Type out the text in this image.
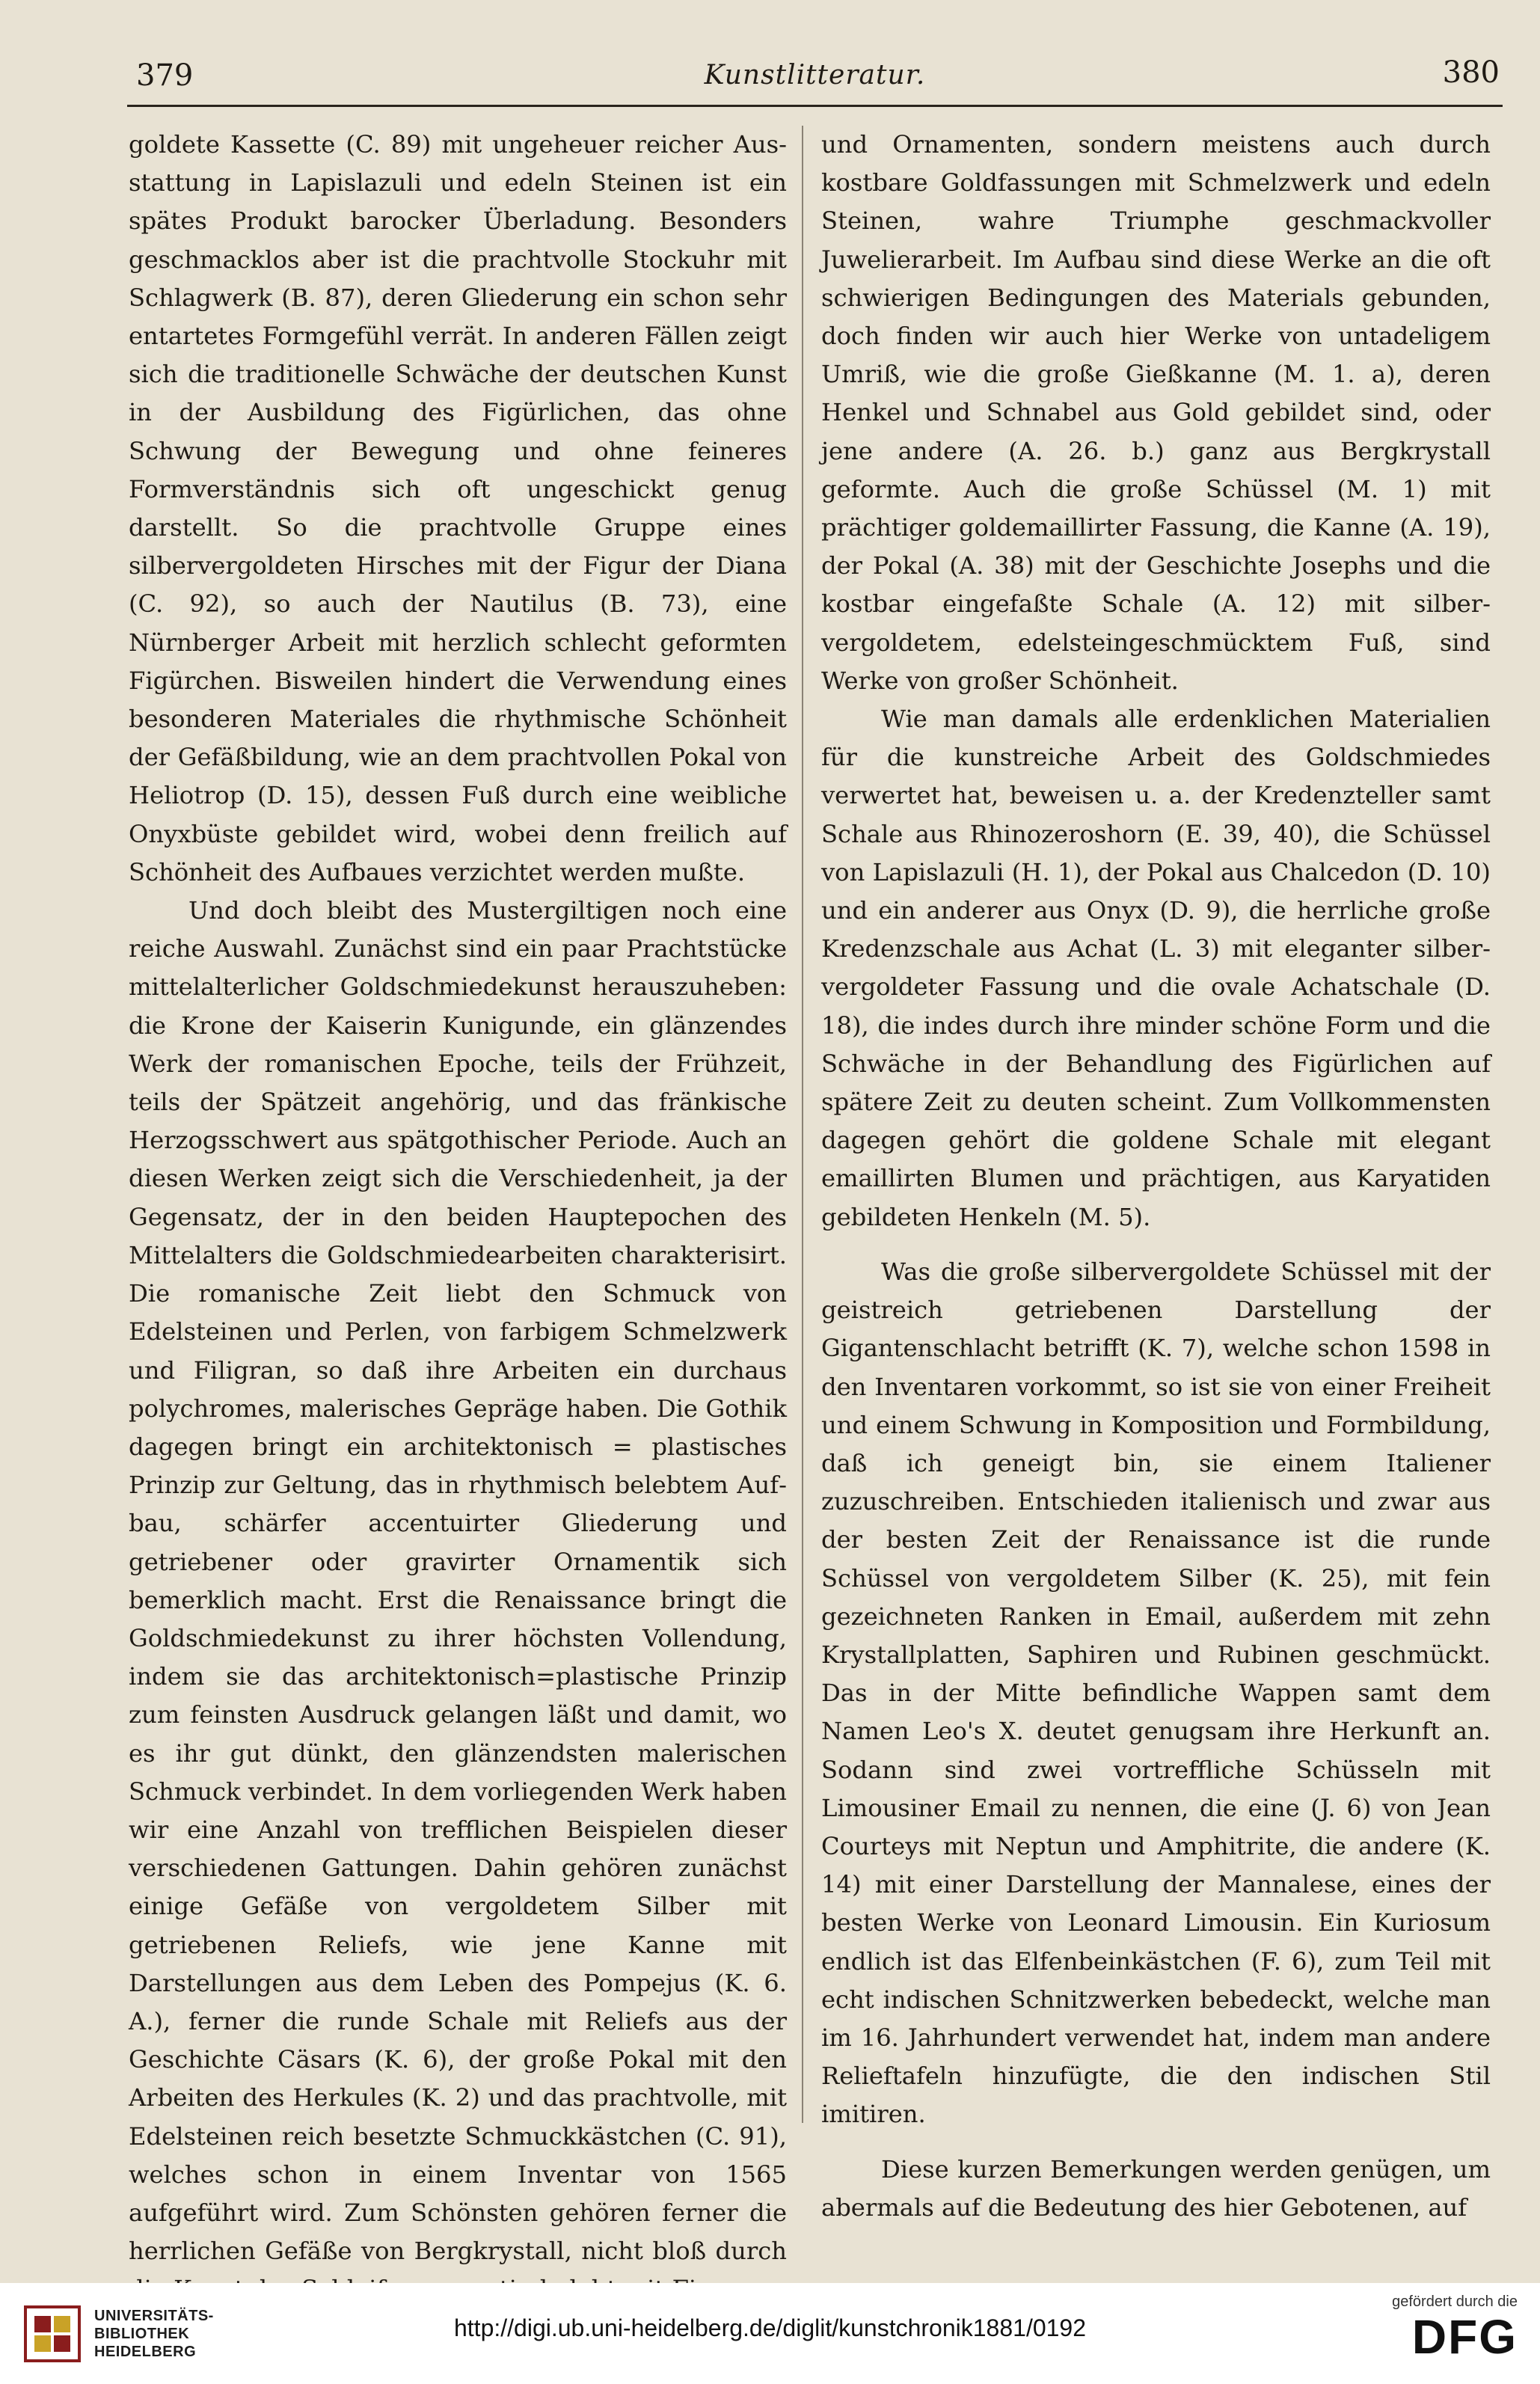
379	Kunstlitteratur.	380

goldete Kassette (C. 89) mit ungeheuer reicher Ausstattung in Lapislazuli und edeln Steinen ist ein spätes Produkt barocker Überladung. Besonders geschmacklos aber ist die prachtvolle Stockuhr mit Schlagwerk (B. 87), deren Gliederung ein schon sehr entartetes Formgefühl verrät. In anderen Fällen zeigt sich die traditionelle Schwäche der deutschen Kunst in der Ausbildung des Figürlichen, das ohne Schwung der Bewegung und ohne feineres Formverständnis sich oft ungeschickt genug darstellt. So die prachtvolle Gruppe eines silbervergoldeten Hirsches mit der Figur der Diana (C. 92), so auch der Nautilus (B. 73), eine Nürnberger Arbeit mit herzlich schlecht geformten Figürchen. Bisweilen hindert die Verwendung eines besonderen Materiales die rhythmische Schönheit der Gefäßbildung, wie an dem prachtvollen Pokal von Heliotrop (D. 15), dessen Fuß durch eine weibliche Onyxbüste gebildet wird, wobei denn freilich auf Schönheit des Aufbaues verzichtet werden mußte.

Und doch bleibt des Mustergiltigen noch eine reiche Auswahl. Zunächst sind ein paar Prachtstücke mittelalterlicher Goldschmiedekunst herauszuheben: die Krone der Kaiserin Kunigunde, ein glänzendes Werk der romanischen Epoche, teils der Frühzeit, teils der Spätzeit angehörig, und das fränkische Herzogsschwert aus spätgothischer Periode. Auch an diesen Werken zeigt sich die Verschiedenheit, ja der Gegensatz, der in den beiden Hauptepochen des Mittelalters die Goldschmiedearbeiten charakterisirt. Die romanische Zeit liebt den Schmuck von Edelsteinen und Perlen, von farbigem Schmelzwerk und Filigran, so daß ihre Arbeiten ein durchaus polychromes, malerisches Gepräge haben. Die Gothik dagegen bringt ein architektonisch = plastisches Prinzip zur Geltung, das in rhythmisch belebtem Aufbau, schärfer accentuirter Gliederung und getriebener oder gravirter Ornamentik sich bemerklich macht. Erst die Renaissance bringt die Goldschmiedekunst zu ihrer höchsten Vollendung, indem sie das architektonisch=plastische Prinzip zum feinsten Ausdruck gelangen läßt und damit, wo es ihr gut dünkt, den glänzendsten malerischen Schmuck verbindet. In dem vorliegenden Werk haben wir eine Anzahl von trefflichen Beispielen dieser verschiedenen Gattungen. Dahin gehören zunächst einige Gefäße von vergoldetem Silber mit getriebenen Reliefs, wie jene Kanne mit Darstellungen aus dem Leben des Pompejus (K. 6. A.), ferner die runde Schale mit Reliefs aus der Geschichte Cäsars (K. 6), der große Pokal mit den Arbeiten des Herkules (K. 2) und das prachtvolle, mit Edelsteinen reich besetzte Schmuckkästchen (C. 91), welches schon in einem Inventar von 1565 aufgeführt wird. Zum Schönsten gehören ferner die herrlichen Gefäße von Bergkrystall, nicht bloß durch

und Ornamenten, sondern meistens auch durch kostbare Goldfassungen mit Schmelzwerk und edeln Steinen, wahre Triumphe geschmackvoller Juwelierarbeit. Im Aufbau sind diese Werke an die oft schwierigen Bedingungen des Materials gebunden, doch finden wir auch hier Werke von untadeligem Umriß, wie die große Gießkanne (M. 1. a), deren Henkel und Schnabel aus Gold gebildet sind, oder jene andere (A. 26. b.) ganz aus Bergkrystall geformte. Auch die große Schüssel (M. 1) mit prächtiger goldemaillirter Fassung, die Kanne (A. 19), der Pokal (A. 38) mit der Geschichte Josephs und die kostbar eingefaßte Schale (A. 12) mit silbervergoldetem, edelsteingeschmücktem Fuß, sind Werke von großer Schönheit.

Wie man damals alle erdenklichen Materialien für die kunstreiche Arbeit des Goldschmiedes verwertet hat, beweisen u. a. der Kredenzteller samt Schale aus Rhinozeroshorn (E. 39, 40), die Schüssel von Lapislazuli (H. 1), der Pokal aus Chalcedon (D. 10) und ein anderer aus Onyx (D. 9), die herrliche große Kredenzschale aus Achat (L. 3) mit eleganter silbervergoldeter Fassung und die ovale Achatschale (D. 18), die indes durch ihre minder schöne Form und die Schwäche in der Behandlung des Figürlichen auf spätere Zeit zu deuten scheint. Zum Vollkommensten dagegen gehört die goldene Schale mit elegant emaillirten Blumen und prächtigen, aus Karyatiden gebildeten Henkeln (M. 5).

Was die große silbervergoldete Schüssel mit der geistreich getriebenen Darstellung der Gigantenschlacht betrifft (K. 7), welche schon 1598 in den Inventaren vorkommt, so ist sie von einer Freiheit und einem Schwung in Komposition und Formbildung, daß ich geneigt bin, sie einem Italiener zuzuschreiben. Entschieden italienisch und zwar aus der besten Zeit der Renaissance ist die runde Schüssel von vergoldetem Silber (K. 25), mit fein gezeichneten Ranken in Email, außerdem mit zehn Krystallplatten, Saphiren und Rubinen geschmückt. Das in der Mitte befindliche Wappen samt dem Namen Leo's X. deutet genugsam ihre Herkunft an. Sodann sind zwei vortreffliche Schüsseln mit Limousiner Email zu nennen, die eine (J. 6) von Jean Courteys mit Neptun und Amphitrite, die andere (K. 14) mit einer Darstellung der Mannalese, eines der besten Werke von Leonard Limousin. Ein Kuriosum endlich ist das Elfenbeinkästchen (F. 6), zum Teil mit echt indischen Schnitzwerken bebedeckt, welche man im 16. Jahrhundert verwendet hat, indem man andere Relieftafeln hinzufügte, die den indischen Stil imitiren.

Diese kurzen Bemerkungen werden genügen, um abermals auf die Bedeutung des hier Gebotenen, auf

UNIVERSITÄTS-
BIBLIOTHEK
HEIDELBERG
http://digi.ub.uni-heidelberg.de/diglit/kunstchronik1881/0192
gefördert durch die
DFG
